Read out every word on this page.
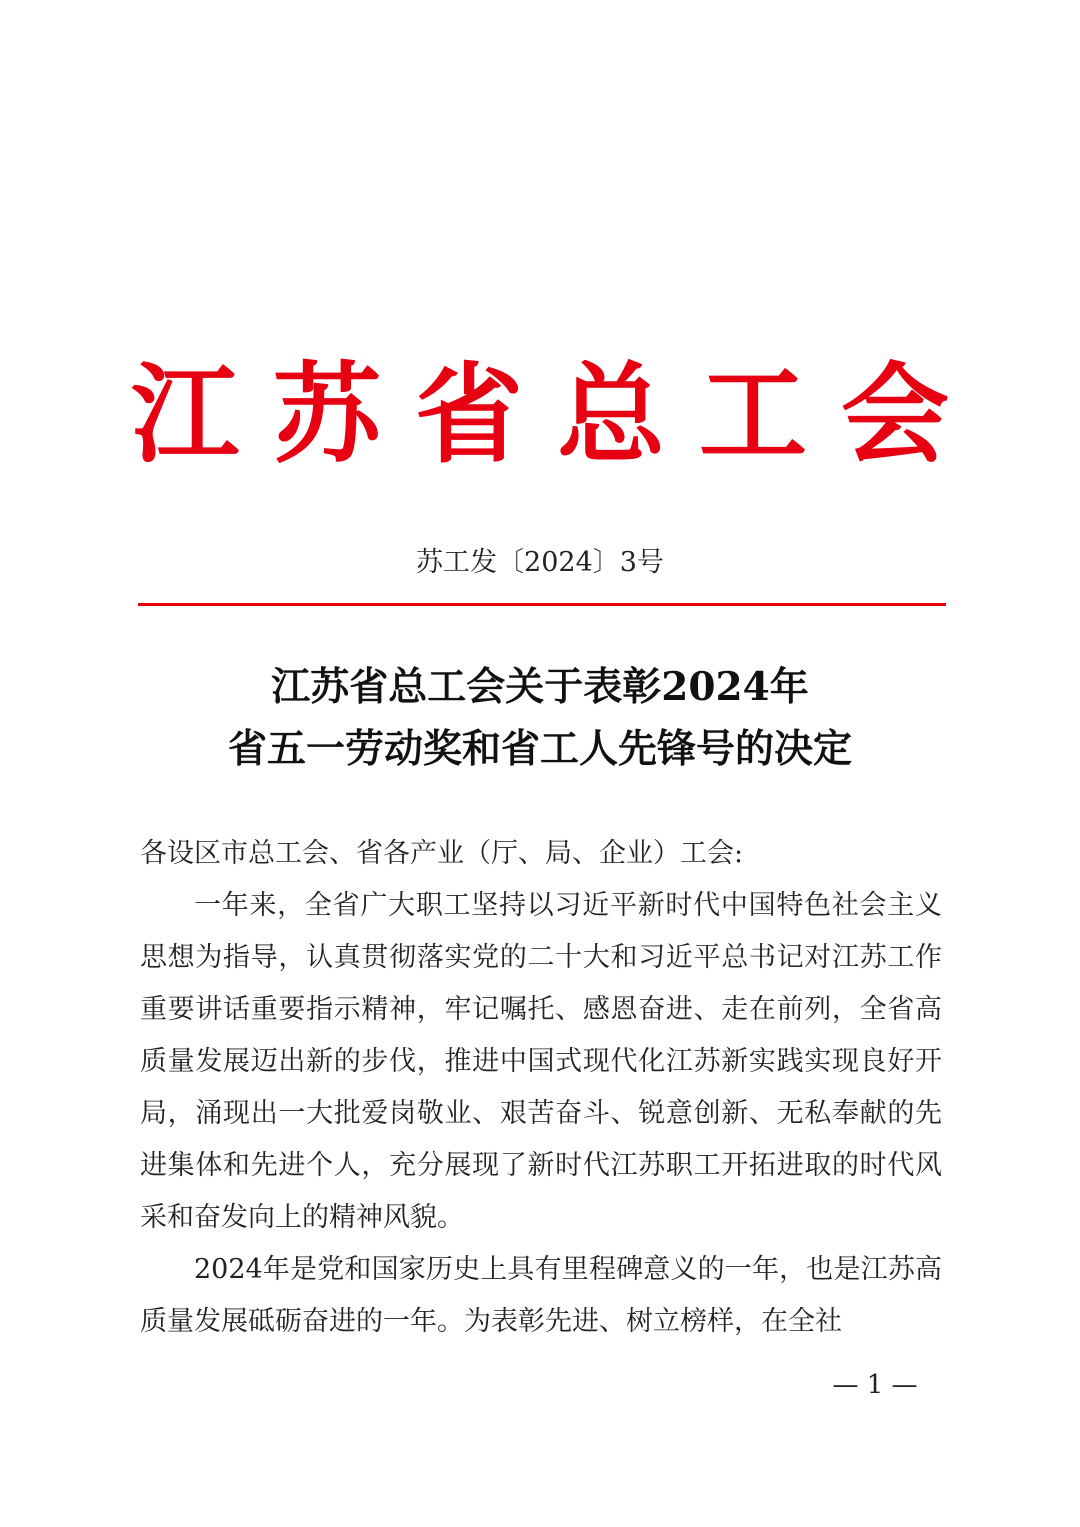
江苏省总工会
苏工发〔2024〕3号
江苏省总工会关于表彰2024年
省五一劳动奖和省工人先锋号的决定

各设区市总工会、省各产业（厅、局、企业）工会:

一年来，全省广大职工坚持以习近平新时代中国特色社会主义思想为指导，认真贯彻落实党的二十大和习近平总书记对江苏工作重要讲话重要指示精神，牢记嘱托、感恩奋进、走在前列，全省高质量发展迈出新的步伐，推进中国式现代化江苏新实践实现良好开局，涌现出一大批爱岗敬业、艰苦奋斗、锐意创新、无私奉献的先进集体和先进个人，充分展现了新时代江苏职工开拓进取的时代风采和奋发向上的精神风貌。

2024年是党和国家历史上具有里程碑意义的一年，也是江苏高质量发展砥砺奋进的一年。为表彰先进、树立榜样，在全社

— 1 —
